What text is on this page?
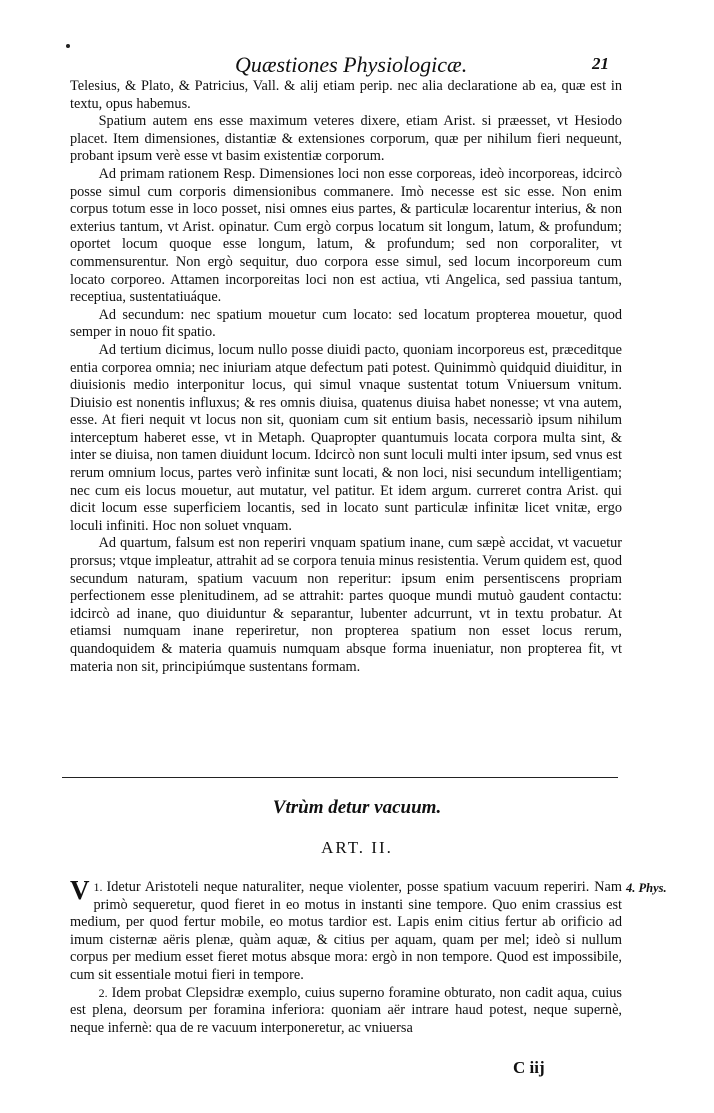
Quæstiones Physiologicæ.	21

Telesius, & Plato, & Patricius, Vall. & alij etiam perip. nec alia declaratione ab ea, quæ est in textu, opus habemus.

Spatium autem ens esse maximum veteres dixere, etiam Arist. si præesset, vt Hesiodo placet. Item dimensiones, distantiæ & extensiones corporum, quæ per nihilum fieri nequeunt, probant ipsum verè esse vt basim existentiæ corporum.

Ad primam rationem Resp. Dimensiones loci non esse corporeas, ideò incorporeas, idcircò posse simul cum corporis dimensionibus commanere. Imò necesse est sic esse. Non enim corpus totum esse in loco posset, nisi omnes eius partes, & particulæ locarentur interius, & non exterius tantum, vt Arist. opinatur. Cum ergò corpus locatum sit longum, latum, & profundum; oportet locum quoque esse longum, latum, & profundum; sed non corporaliter, vt commensurentur. Non ergò sequitur, duo corpora esse simul, sed locum incorporeum cum locato corporeo. Attamen incorporeitas loci non est actiua, vti Angelica, sed passiua tantum, receptiua, sustentatiuáque.

Ad secundum: nec spatium mouetur cum locato: sed locatum propterea mouetur, quod semper in nouo fit spatio.

Ad tertium dicimus, locum nullo posse diuidi pacto, quoniam incorporeus est, præceditque entia corporea omnia; nec iniuriam atque defectum pati potest. Quinimmò quidquid diuiditur, in diuisionis medio interponitur locus, qui simul vnaque sustentat totum Vniuersum vnitum. Diuisio est nonentis influxus; & res omnis diuisa, quatenus diuisa habet nonesse; vt vna autem, esse. At fieri nequit vt locus non sit, quoniam cum sit entium basis, necessariò ipsum nihilum interceptum haberet esse, vt in Metaph. Quapropter quantumuis locata corpora multa sint, & inter se diuisa, non tamen diuidunt locum. Idcircò non sunt loculi multi inter ipsum, sed vnus est rerum omnium locus, partes verò infinitæ sunt locati, & non loci, nisi secundum intelligentiam; nec cum eis locus mouetur, aut mutatur, vel patitur. Et idem argum. curreret contra Arist. qui dicit locum esse superficiem locantis, sed in locato sunt particulæ infinitæ licet vnitæ, ergo loculi infiniti. Hoc non soluet vnquam.

Ad quartum, falsum est non reperiri vnquam spatium inane, cum sæpè accidat, vt vacuetur prorsus; vtque impleatur, attrahit ad se corpora tenuia minus resistentia. Verum quidem est, quod secundum naturam, spatium vacuum non reperitur: ipsum enim persentiscens propriam perfectionem esse plenitudinem, ad se attrahit: partes quoque mundi mutuò gaudent contactu: idcircò ad inane, quo diuiduntur & separantur, lubenter adcurrunt, vt in textu probatur. At etiamsi numquam inane reperiretur, non propterea spatium non esset locus rerum, quandoquidem & materia quamuis numquam absque forma inueniatur, non propterea fit, vt materia non sit, principiúmque sustentans formam.

Vtrùm detur vacuum.
ART. II.

1.
V Idetur Aristoteli neque naturaliter, neque violenter, posse spatium vacuum reperiri. Nam primò sequeretur, quod fieret in eo motus in instanti sine tempore. Quo enim crassius est medium, per quod fertur mobile, eo motus tardior est. Lapis enim citius fertur ab orificio ad imum cisternæ aëris plenæ, quàm aquæ, & citius per aquam, quam per mel; ideò si nullum corpus per medium esset fieret motus absque mora: ergò in non tempore. Quod est impossibile, cum sit essentiale motui fieri in tempore.

2. Idem probat Clepsidræ exemplo, cuius superno foramine obturato, non cadit aqua, cuius est plena, deorsum per foramina inferiora: quoniam aër intrare haud potest, neque supernè, neque infernè: qua de re vacuum interponeretur, ac vniuersa

4. Phys.
C iij
